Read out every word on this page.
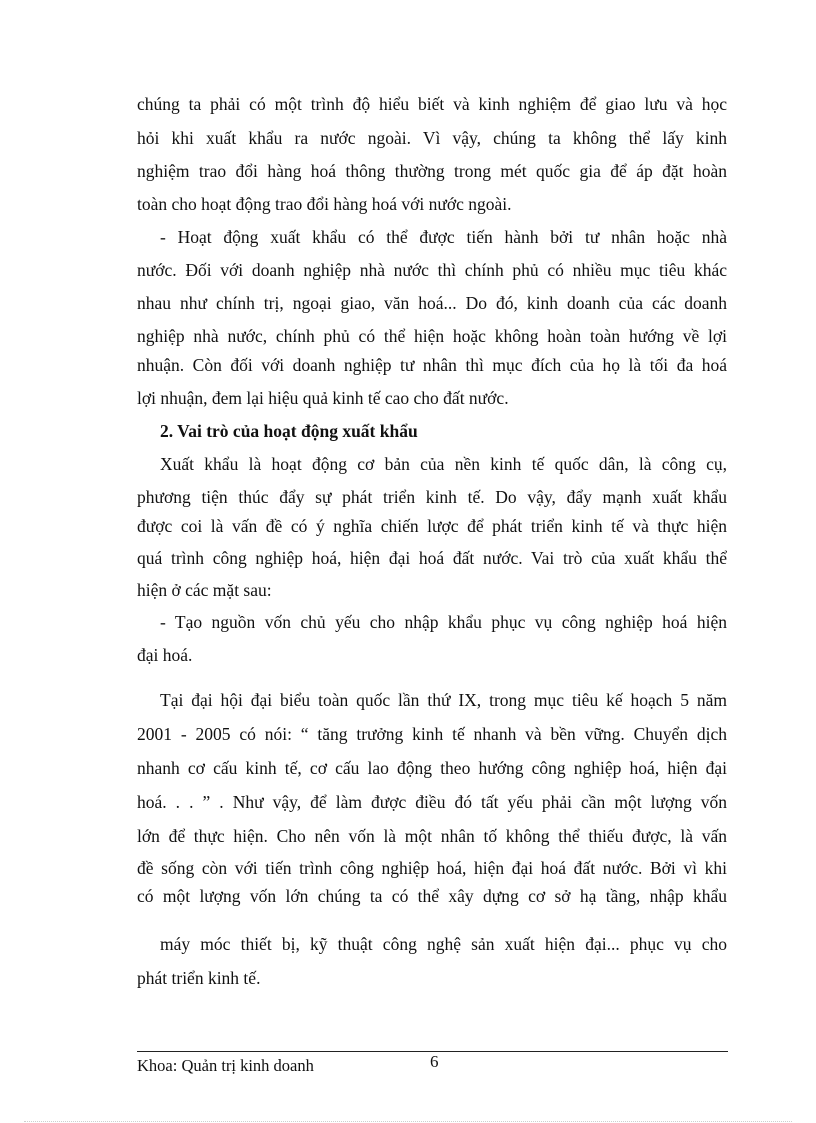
chúng ta phải có một trình độ hiểu biết và kinh nghiệm để giao lưu và học
hỏi khi xuất khẩu ra nước ngoài. Vì vậy, chúng ta không thể lấy kinh
nghiệm trao đổi hàng hoá thông thường trong mét quốc gia để áp đặt hoàn
toàn cho hoạt động trao đổi hàng hoá với nước ngoài.
- Hoạt động xuất khẩu có thể được tiến hành bởi tư nhân hoặc nhà
nước. Đối với doanh nghiệp nhà nước thì chính phủ có nhiều mục tiêu khác
nhau như chính trị, ngoại giao, văn hoá... Do đó, kinh doanh của các doanh
nghiệp nhà nước, chính phủ có thể hiện hoặc không hoàn toàn hướng về lợi
nhuận. Còn đối với doanh nghiệp tư nhân thì mục đích của họ là tối đa hoá
lợi nhuận, đem lại hiệu quả kinh tế cao cho đất nước.
2. Vai trò của hoạt động xuất khẩu
Xuất khẩu là hoạt động cơ bản của nền kinh tế quốc dân, là công cụ,
phương tiện thúc đẩy sự phát triển kinh tế. Do vậy, đẩy mạnh xuất khẩu
được coi là vấn đề có ý nghĩa chiến lược để phát triển kinh tế và thực hiện
quá trình công nghiệp hoá, hiện đại hoá đất nước. Vai trò của xuất khẩu thể
hiện ở các mặt sau:
- Tạo nguồn vốn chủ yếu cho nhập khẩu phục vụ công nghiệp hoá hiện
đại hoá.
Tại đại hội đại biểu toàn quốc lần thứ IX, trong mục tiêu kế hoạch 5 năm
2001 - 2005 có nói: “ tăng trưởng kinh tế nhanh và bền vững. Chuyển dịch
nhanh cơ cấu kinh tế, cơ cấu lao động theo hướng công nghiệp hoá, hiện đại
hoá. . . ” . Như vậy, để làm được điều đó tất yếu phải cần một lượng vốn
lớn để thực hiện. Cho nên vốn là một nhân tố không thể thiếu được, là vấn
đề sống còn với tiến trình công nghiệp hoá, hiện đại hoá đất nước. Bởi vì khi
có một lượng vốn lớn chúng ta có thể xây dựng cơ sở hạ tầng, nhập khẩu
máy móc thiết bị, kỹ thuật công nghệ sản xuất hiện đại... phục vụ cho
phát triển kinh tế.
Khoa: Quản trị kinh doanh	6
